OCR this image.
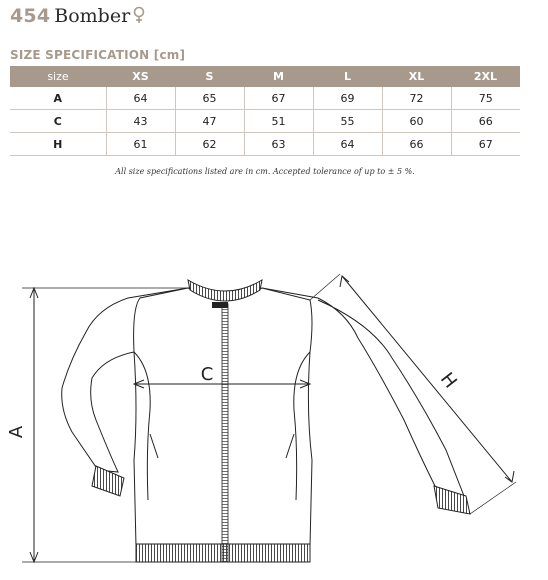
454 Bomber
SIZE SPECIFICATION [cm]
size	XS	S	M	L	XL	2XL
A	64	65	67	69	72	75
C	43	47	51	55	60	66
H	61	62	63	64	66	67
All size specifications listed are in cm. Accepted tolerance of up to ± 5 %.
A
C	H
